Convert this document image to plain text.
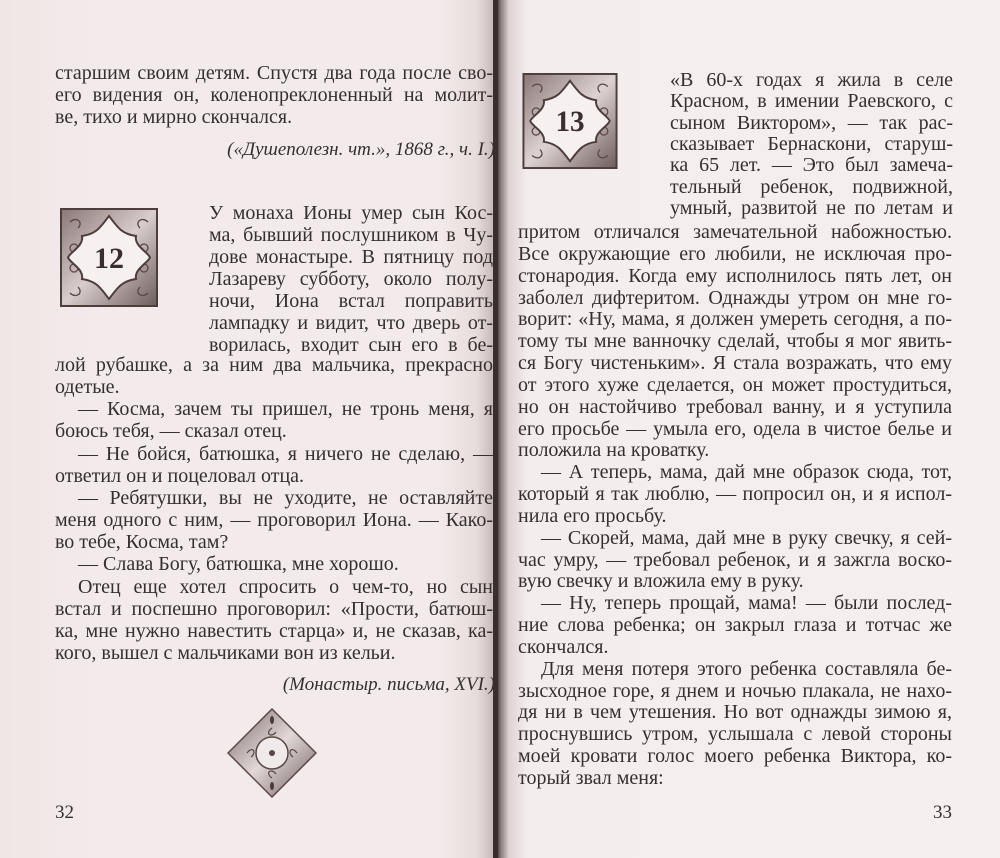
12
13
(«Душеполезн. чт.», 1868 г., ч. I.)
(Монастыр. письма, XVI.)
32	33
старшим своим детям. Спустя два года после сво-
его видения он, коленопреклоненный на молит-
ве, тихо и мирно скончался.
У монаха Ионы умер сын Кос-
ма, бывший послушником в Чу-
дове монастыре. В пятницу под
Лазареву субботу, около полу-
ночи, Иона встал поправить
лампадку и видит, что дверь от-
ворилась, входит сын его в бе-
лой рубашке, а за ним два мальчика, прекрасно
одетые.
— Косма, зачем ты пришел, не тронь меня, я
боюсь тебя, — сказал отец.
— Не бойся, батюшка, я ничего не сделаю, —
ответил он и поцеловал отца.
— Ребятушки, вы не уходите, не оставляйте
меня одного с ним, — проговорил Иона. — Како-
во тебе, Косма, там?
— Слава Богу, батюшка, мне хорошо.
Отец еще хотел спросить о чем-то, но сын
встал и поспешно проговорил: «Прости, батюш-
ка, мне нужно навестить старца» и, не сказав, ка-
кого, вышел с мальчиками вон из кельи.
«В 60-х годах я жила в селе
Красном, в имении Раевского, с
сыном Виктором», — так рас-
сказывает Бернаскони, старуш-
ка 65 лет. — Это был замеча-
тельный ребенок, подвижной,
умный, развитой не по летам и
притом отличался замечательной набожностью.
Все окружающие его любили, не исключая про-
стонародия. Когда ему исполнилось пять лет, он
заболел дифтеритом. Однажды утром он мне го-
ворит: «Ну, мама, я должен умереть сегодня, а по-
тому ты мне ванночку сделай, чтобы я мог явить-
ся Богу чистеньким». Я стала возражать, что ему
от этого хуже сделается, он может простудиться,
но он настойчиво требовал ванну, и я уступила
его просьбе — умыла его, одела в чистое белье и
положила на кроватку.
— А теперь, мама, дай мне образок сюда, тот,
который я так люблю, — попросил он, и я испол-
нила его просьбу.
— Скорей, мама, дай мне в руку свечку, я сей-
час умру, — требовал ребенок, и я зажгла воско-
вую свечку и вложила ему в руку.
— Ну, теперь прощай, мама! — были послед-
ние слова ребенка; он закрыл глаза и тотчас же
скончался.
Для меня потеря этого ребенка составляла бе-
зысходное горе, я днем и ночью плакала, не нахо-
дя ни в чем утешения. Но вот однажды зимою я,
проснувшись утром, услышала с левой стороны
моей кровати голос моего ребенка Виктора, ко-
торый звал меня:
